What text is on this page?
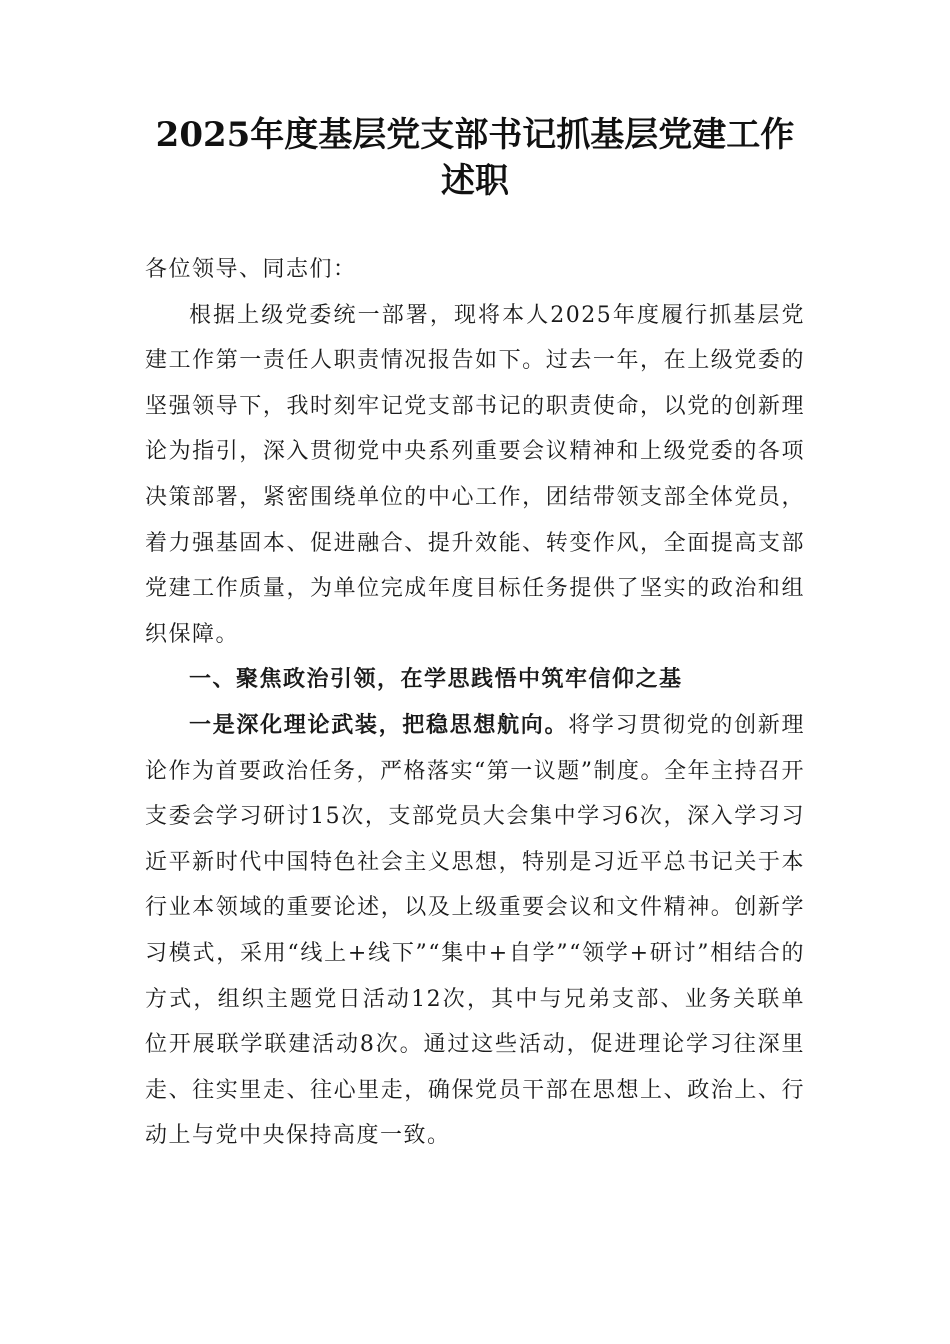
2025年度基层党支部书记抓基层党建工作述职

各位领导、同志们：

根据上级党委统一部署，现将本人2025年度履行抓基层党建工作第一责任人职责情况报告如下。过去一年，在上级党委的坚强领导下，我时刻牢记党支部书记的职责使命，以党的创新理论为指引，深入贯彻党中央系列重要会议精神和上级党委的各项决策部署，紧密围绕单位的中心工作，团结带领支部全体党员，着力强基固本、促进融合、提升效能、转变作风，全面提高支部党建工作质量，为单位完成年度目标任务提供了坚实的政治和组织保障。

一、聚焦政治引领，在学思践悟中筑牢信仰之基

一是深化理论武装，把稳思想航向。将学习贯彻党的创新理论作为首要政治任务，严格落实“第一议题”制度。全年主持召开支委会学习研讨15次，支部党员大会集中学习6次，深入学习习近平新时代中国特色社会主义思想，特别是习近平总书记关于本行业本领域的重要论述，以及上级重要会议和文件精神。创新学习模式，采用“线上+线下”“集中+自学”“领学+研讨”相结合的方式，组织主题党日活动12次，其中与兄弟支部、业务关联单位开展联学联建活动8次。通过这些活动，促进理论学习往深里走、往实里走、往心里走，确保党员干部在思想上、政治上、行动上与党中央保持高度一致。
